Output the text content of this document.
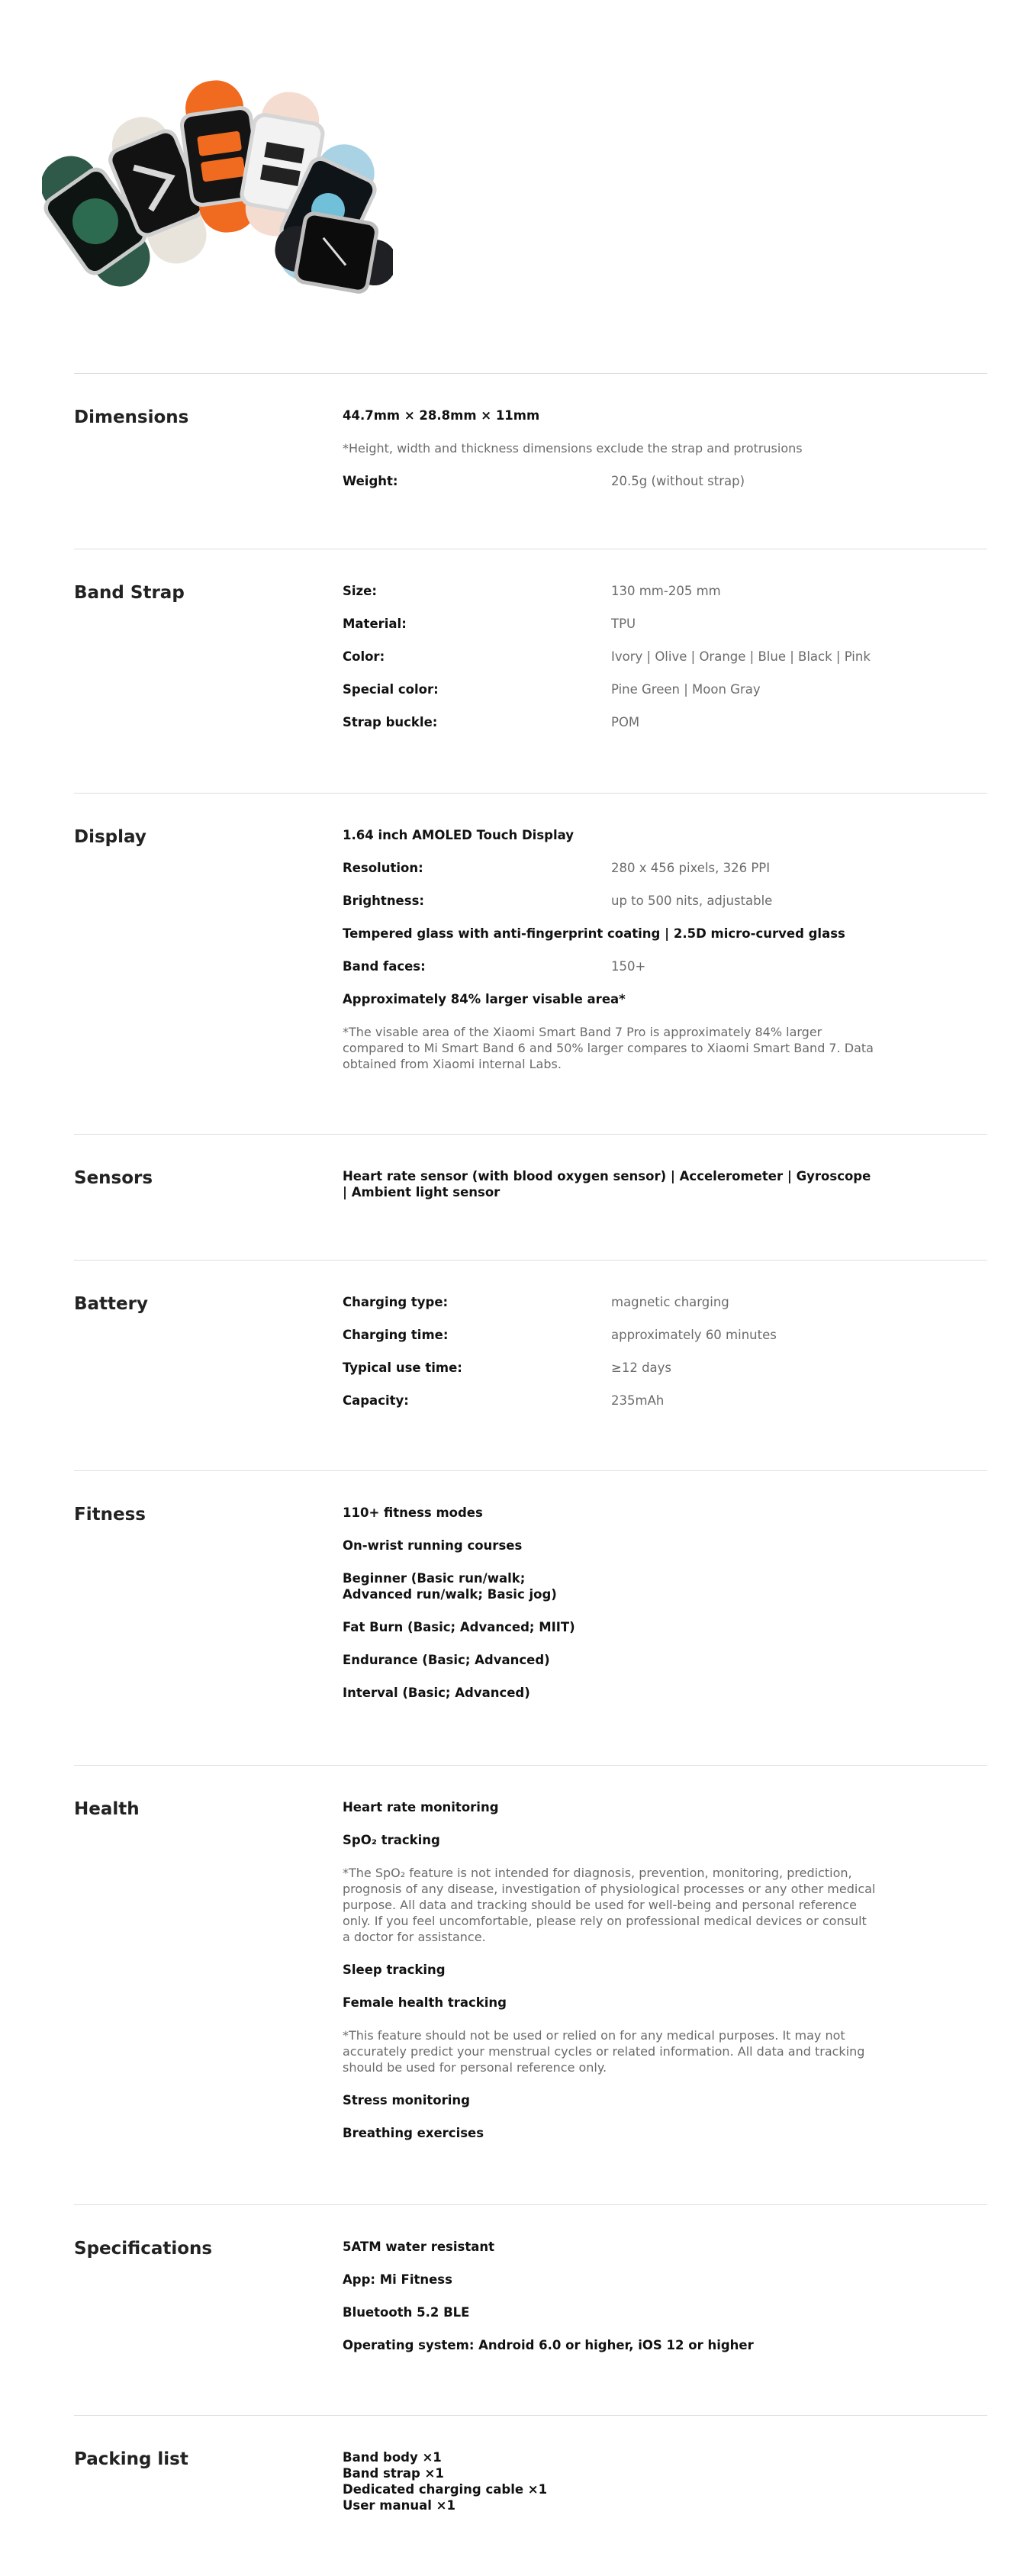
Dimensions	44.7mm × 28.8mm × 11mm

*Height, width and thickness dimensions exclude the strap and protrusions

Weight:	20.5g (without strap)
Band Strap	Size:	130 mm-205 mm
Material:	TPU
Color:	Ivory | Olive | Orange | Blue | Black | Pink
Special color:	Pine Green | Moon Gray
Strap buckle:	POM
Display	1.64 inch AMOLED Touch Display

Resolution:	280 x 456 pixels, 326 PPI
Brightness:	up to 500 nits, adjustable

Tempered glass with anti-fingerprint coating | 2.5D micro-curved glass

Band faces:	150+

Approximately 84% larger visable area*

*The visable area of the Xiaomi Smart Band 7 Pro is approximately 84% larger compared to Mi Smart Band 6 and 50% larger compares to Xiaomi Smart Band 7. Data obtained from Xiaomi internal Labs.

Sensors	Heart rate sensor (with blood oxygen sensor) | Accelerometer | Gyroscope | Ambient light sensor

Battery	Charging type:	magnetic charging
Charging time:	approximately 60 minutes
Typical use time:	≥12 days
Capacity:	235mAh
Fitness	110+ fitness modes

On-wrist running courses

Beginner (Basic run/walk; Advanced run/walk; Basic jog)

Fat Burn (Basic; Advanced; MIIT)

Endurance (Basic; Advanced)

Interval (Basic; Advanced)

Health	Heart rate monitoring

SpO₂ tracking

*The SpO₂ feature is not intended for diagnosis, prevention, monitoring, prediction, prognosis of any disease, investigation of physiological processes or any other medical purpose. All data and tracking should be used for well-being and personal reference only. If you feel uncomfortable, please rely on professional medical devices or consult a doctor for assistance.

Sleep tracking

Female health tracking

*This feature should not be used or relied on for any medical purposes. It may not accurately predict your menstrual cycles or related information. All data and tracking should be used for personal reference only.

Stress monitoring

Breathing exercises

Specifications	5ATM water resistant

App: Mi Fitness

Bluetooth 5.2 BLE

Operating system: Android 6.0 or higher, iOS 12 or higher

Packing list	Band body ×1

Band strap ×1

Dedicated charging cable ×1

User manual ×1
